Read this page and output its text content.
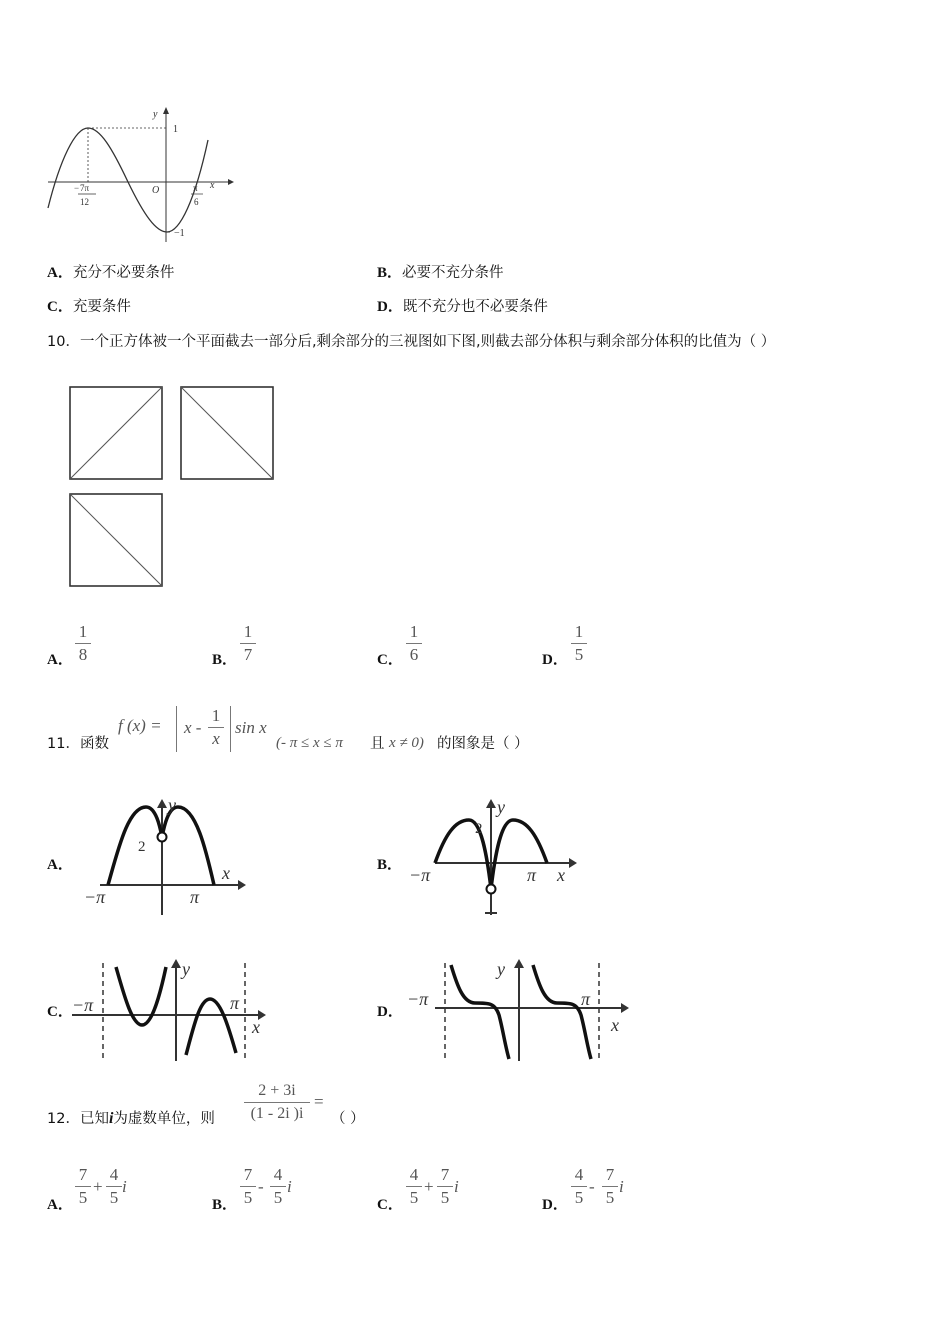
y
1
−1
O	x
− 7π
12
π
6
A．充分不必要条件	B．必要不充分条件
C．充要条件	D．既不充分也不必要条件
10．一个正方体被一个平面截去一部分后,剩余部分的三视图如下图,则截去部分体积与剩余部分体积的比值为（ ）
A．
1
8	B．
1
7	C．
1
6	D．
1
5
11．函数
f (x) = x -
1
x
sin x
(- π ≤ x ≤ π 且 x ≠ 0) 的图象是（ ）
A．
y
x
2
−π	π
B．
y
x
2
−π	π
C．
y
x
−π	π	D．
y
x
−π	π
12．已知i为虚数单位，则
2 + 3i
(1 - 2i )i
=
（ ）
A．
7
5
+
4
5
i
B．
7
5
-
4
5
i
C．
4
5
+
7
5
i
D．
4
5
-
7
5
i
